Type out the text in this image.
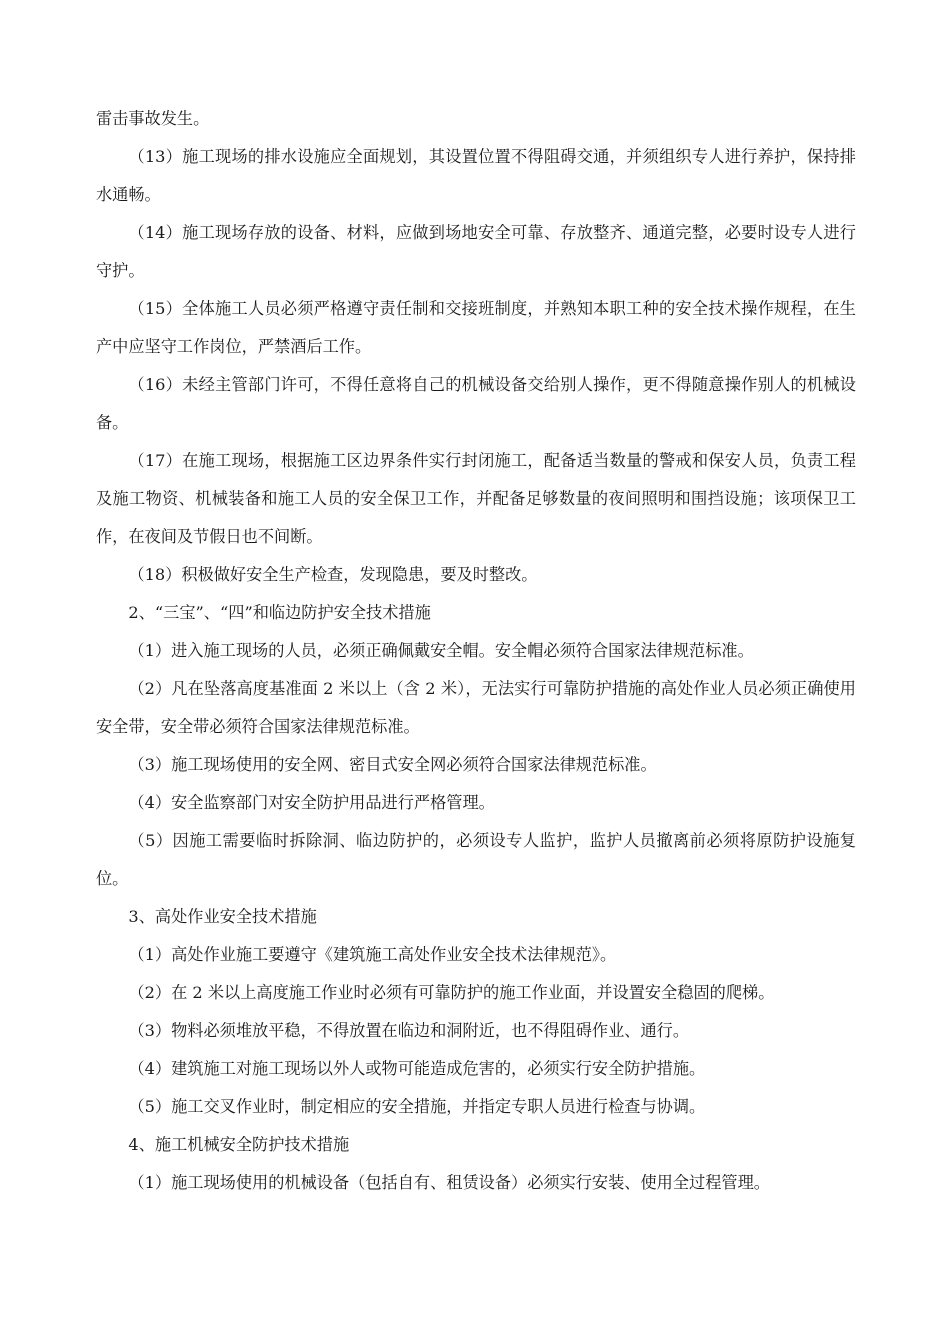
雷击事故发生。

（13）施工现场的排水设施应全面规划，其设置位置不得阻碍交通，并须组织专人进行养护，保持排水通畅。

（14）施工现场存放的设备、材料，应做到场地安全可靠、存放整齐、通道完整，必要时设专人进行守护。

（15）全体施工人员必须严格遵守责任制和交接班制度，并熟知本职工种的安全技术操作规程，在生产中应坚守工作岗位，严禁酒后工作。

（16）未经主管部门许可，不得任意将自己的机械设备交给别人操作，更不得随意操作别人的机械设备。

（17）在施工现场，根据施工区边界条件实行封闭施工，配备适当数量的警戒和保安人员，负责工程及施工物资、机械装备和施工人员的安全保卫工作，并配备足够数量的夜间照明和围挡设施；该项保卫工作，在夜间及节假日也不间断。

（18）积极做好安全生产检查，发现隐患，要及时整改。

2、“三宝”、“四”和临边防护安全技术措施

（1）进入施工现场的人员，必须正确佩戴安全帽。安全帽必须符合国家法律规范标准。

（2）凡在坠落高度基准面 2 米以上（含 2 米），无法实行可靠防护措施的高处作业人员必须正确使用安全带，安全带必须符合国家法律规范标准。

（3）施工现场使用的安全网、密目式安全网必须符合国家法律规范标准。

（4）安全监察部门对安全防护用品进行严格管理。

（5）因施工需要临时拆除洞、临边防护的，必须设专人监护，监护人员撤离前必须将原防护设施复位。

3、高处作业安全技术措施

（1）高处作业施工要遵守《建筑施工高处作业安全技术法律规范》。

（2）在 2 米以上高度施工作业时必须有可靠防护的施工作业面，并设置安全稳固的爬梯。

（3）物料必须堆放平稳，不得放置在临边和洞附近，也不得阻碍作业、通行。

（4）建筑施工对施工现场以外人或物可能造成危害的，必须实行安全防护措施。

（5）施工交叉作业时，制定相应的安全措施，并指定专职人员进行检查与协调。

4、施工机械安全防护技术措施

（1）施工现场使用的机械设备（包括自有、租赁设备）必须实行安装、使用全过程管理。
